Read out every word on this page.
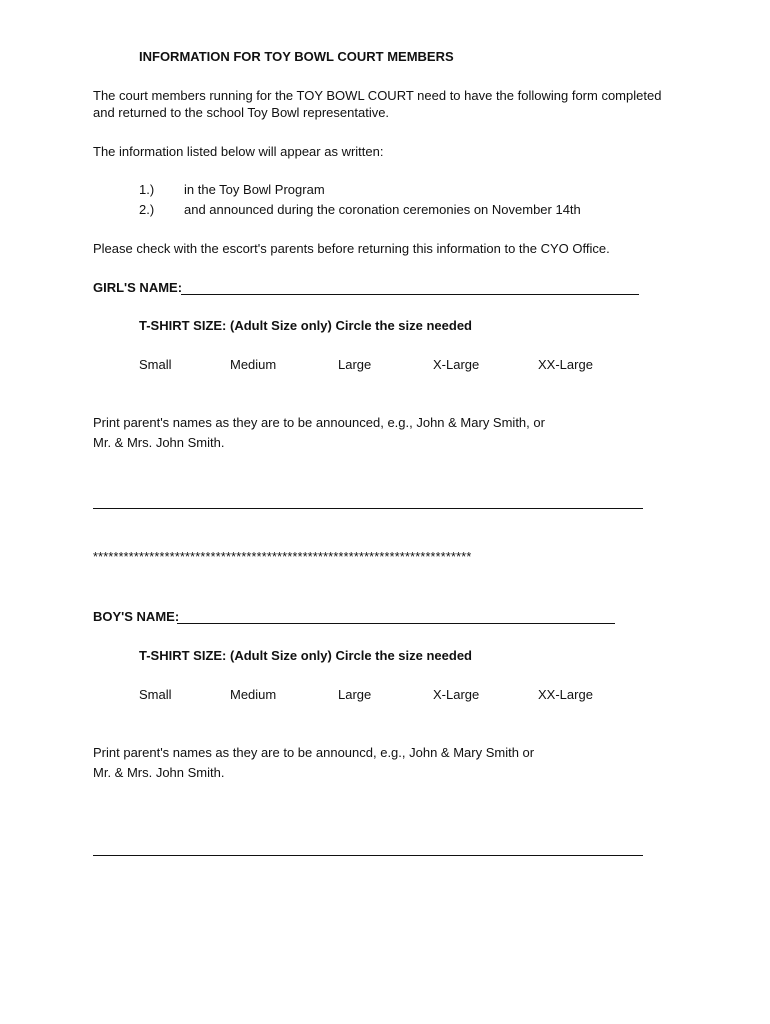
INFORMATION FOR TOY BOWL COURT MEMBERS
The court members running for the TOY BOWL COURT need to have the following form completed
and returned to the school Toy Bowl representative.
The information listed below will appear as written:
1.) in the Toy Bowl Program
2.) and announced during the coronation ceremonies on November 14th
Please check with the escort's parents before returning this information to the CYO Office.
GIRL'S NAME:
T-SHIRT SIZE: (Adult Size only) Circle the size needed
Small	Medium	Large	X-Large	XX-Large
Print parent's names as they are to be announced, e.g., John & Mary Smith, or
Mr. & Mrs. John Smith.
**************************************************************************
BOY'S NAME:
T-SHIRT SIZE: (Adult Size only) Circle the size needed
Small	Medium	Large	X-Large	XX-Large
Print parent's names as they are to be announcd, e.g., John & Mary Smith or
Mr. & Mrs. John Smith.
